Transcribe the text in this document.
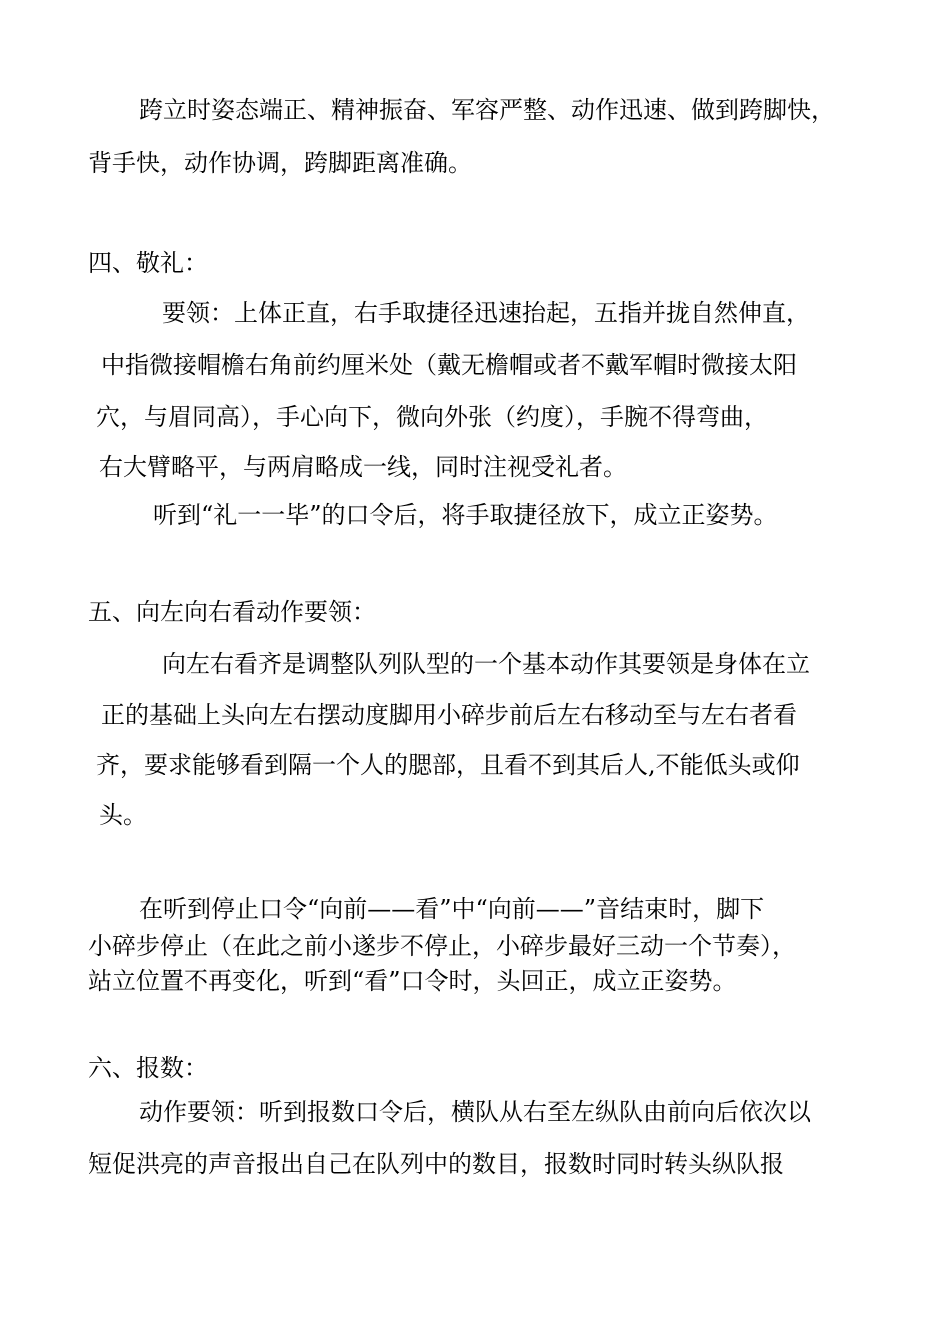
跨立时姿态端正、精神振奋、军容严整、动作迅速、做到跨脚快，

背手快，动作协调，跨脚距离准确。

四、敬礼：

要领：上体正直，右手取捷径迅速抬起，五指并拢自然伸直，

中指微接帽檐右角前约厘米处（戴无檐帽或者不戴军帽时微接太阳

穴，与眉同高），手心向下，微向外张（约度），手腕不得弯曲，

右大臂略平，与两肩略成一线，同时注视受礼者。

听到“礼一一毕”的口令后，将手取捷径放下，成立正姿势。

五、向左向右看动作要领：

向左右看齐是调整队列队型的一个基本动作其要领是身体在立

正的基础上头向左右摆动度脚用小碎步前后左右移动至与左右者看

齐，要求能够看到隔一个人的腮部，且看不到其后人,不能低头或仰

头。

在听到停止口令“向前——看”中“向前——”音结束时，脚下

小碎步停止（在此之前小遂步不停止，小碎步最好三动一个节奏），

站立位置不再变化，听到“看”口令时，头回正，成立正姿势。

六、报数：

动作要领：听到报数口令后，横队从右至左纵队由前向后依次以

短促洪亮的声音报出自己在队列中的数目，报数时同时转头纵队报
